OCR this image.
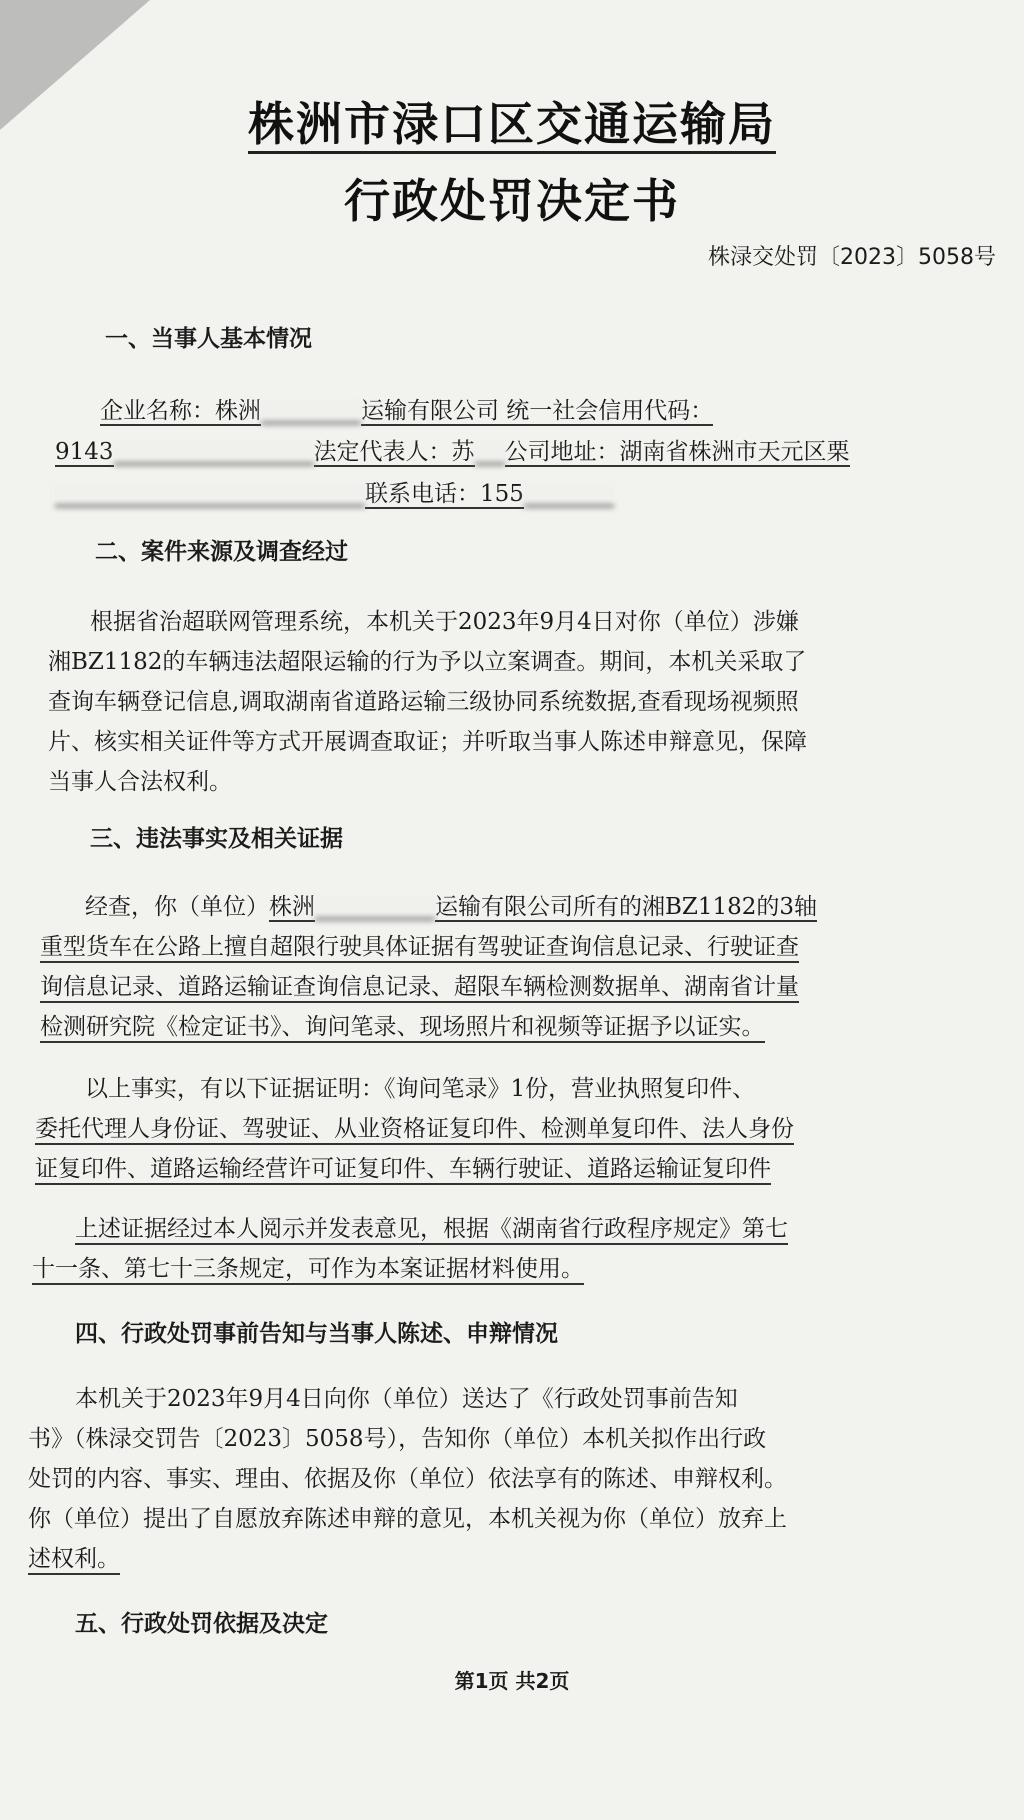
株洲市渌口区交通运输局
行政处罚决定书
株渌交处罚〔2023〕5058号
一、当事人基本情况
企业名称：株洲	运输有限公司 统一社会信用代码：
9143	法定代表人：苏 公司地址：湖南省株洲市天元区栗
联系电话：155
二、案件来源及调查经过
根据省治超联网管理系统，本机关于2023年9月4日对你（单位）涉嫌
湘BZ1182的车辆违法超限运输的行为予以立案调查。期间，本机关采取了
查询车辆登记信息,调取湖南省道路运输三级协同系统数据,查看现场视频照
片、核实相关证件等方式开展调查取证；并听取当事人陈述申辩意见，保障
当事人合法权利。
三、违法事实及相关证据
经查，你（单位）株洲	运输有限公司所有的湘BZ1182的3轴
重型货车在公路上擅自超限行驶具体证据有驾驶证查询信息记录、行驶证查
询信息记录、道路运输证查询信息记录、超限车辆检测数据单、湖南省计量
检测研究院《检定证书》、询问笔录、现场照片和视频等证据予以证实。
以上事实，有以下证据证明：《询问笔录》1份，营业执照复印件、
委托代理人身份证、驾驶证、从业资格证复印件、检测单复印件、法人身份
证复印件、道路运输经营许可证复印件、车辆行驶证、道路运输证复印件
上述证据经过本人阅示并发表意见，根据《湖南省行政程序规定》第七
十一条、第七十三条规定，可作为本案证据材料使用。
四、行政处罚事前告知与当事人陈述、申辩情况
本机关于2023年9月4日向你（单位）送达了《行政处罚事前告知
书》（株渌交罚告〔2023〕5058号），告知你（单位）本机关拟作出行政
处罚的内容、事实、理由、依据及你（单位）依法享有的陈述、申辩权利。
你（单位）提出了自愿放弃陈述申辩的意见，本机关视为你（单位）放弃上
述权利。
五、行政处罚依据及决定
第1页 共2页
